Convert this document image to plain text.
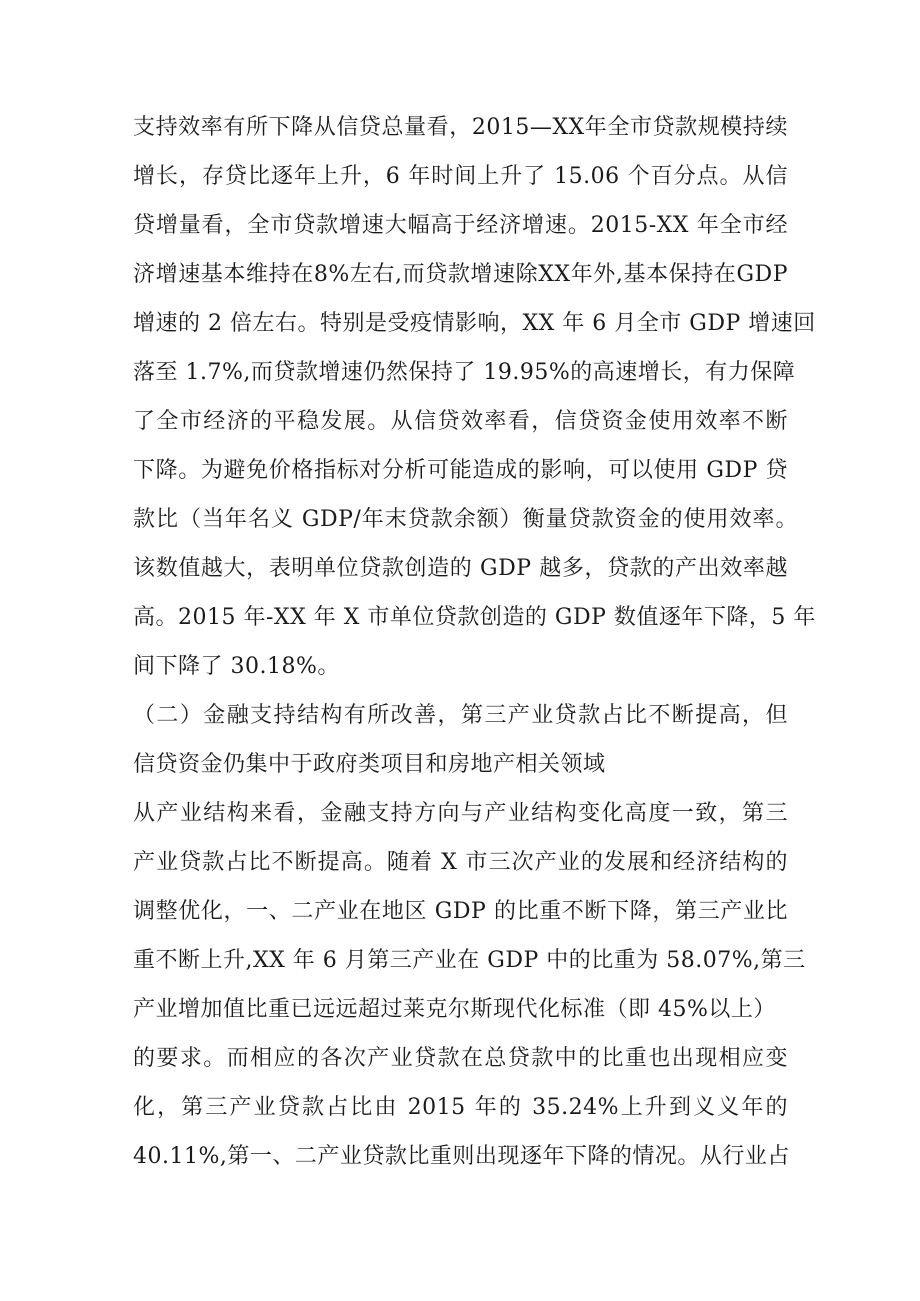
支持效率有所下降从信贷总量看，2015—XX年全市贷款规模持续
增长，存贷比逐年上升，6 年时间上升了 15.06 个百分点。从信
贷增量看，全市贷款增速大幅高于经济增速。2015-XX 年全市经
济增速基本维持在8%左右,而贷款增速除XX年外,基本保持在GDP
增速的 2 倍左右。特别是受疫情影响，XX 年 6 月全市 GDP 增速回
落至 1.7%,而贷款增速仍然保持了 19.95%的高速增长，有力保障
了全市经济的平稳发展。从信贷效率看，信贷资金使用效率不断
下降。为避免价格指标对分析可能造成的影响，可以使用 GDP 贷
款比（当年名义 GDP/年末贷款余额）衡量贷款资金的使用效率。
该数值越大，表明单位贷款创造的 GDP 越多，贷款的产出效率越
高。2015 年-XX 年 X 市单位贷款创造的 GDP 数值逐年下降，5 年
间下降了 30.18%。
（二）金融支持结构有所改善，第三产业贷款占比不断提高，但
信贷资金仍集中于政府类项目和房地产相关领域
从产业结构来看，金融支持方向与产业结构变化高度一致，第三
产业贷款占比不断提高。随着 X 市三次产业的发展和经济结构的
调整优化，一、二产业在地区 GDP 的比重不断下降，第三产业比
重不断上升,XX 年 6 月第三产业在 GDP 中的比重为 58.07%,第三
产业增加值比重已远远超过莱克尔斯现代化标准（即 45%以上）
的要求。而相应的各次产业贷款在总贷款中的比重也出现相应变
化，第三产业贷款占比由 2015 年的 35.24%上升到义义年的
40.11%,第一、二产业贷款比重则出现逐年下降的情况。从行业占
